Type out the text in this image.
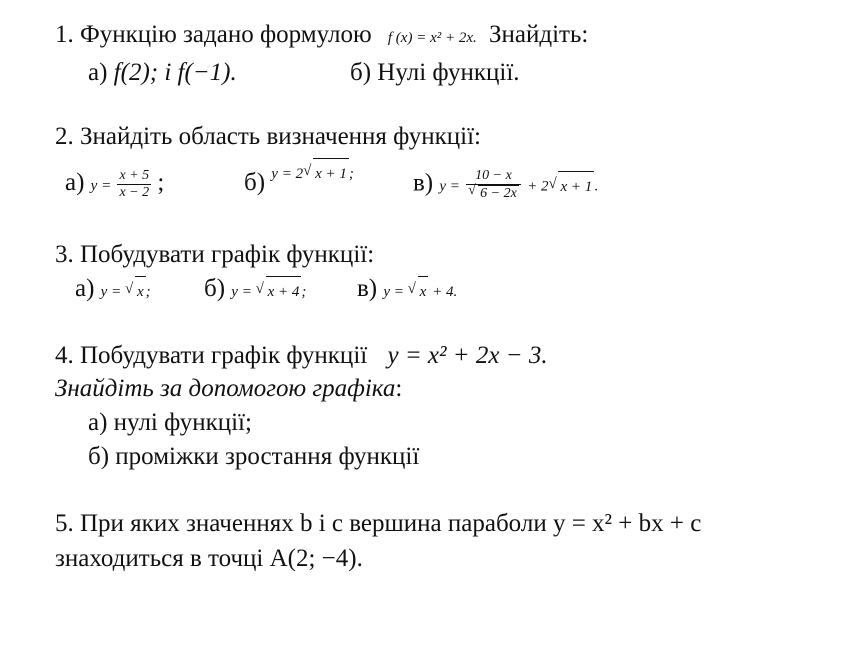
1. Функцію задано формулою f (x) = x² + 2x. Знайдіть:
а) f(2); і f(−1).	б) Нулі функції.
2. Знайдіть область визначення функції:
а) $y = \frac{x + 5}{x - 2}$ ;	б) $^{y = 2 √ x + 1 ;}$ в) y = 10 − x
√ 6 − 2x + 2 √ x + 1 .
3. Побудувати графік функції:
а) y = √ x ; б) y = √ x + 4 ; в) y = √ x + 4.
4. Побудувати графік функції y = x² + 2x − 3.
Знайдіть за допомогою графіка:
а) нулі функції;
б) проміжки зростання функції
5. При яких значеннях b і c вершина параболи y = x² + bx + c
знаходиться в точці A(2; −4).
